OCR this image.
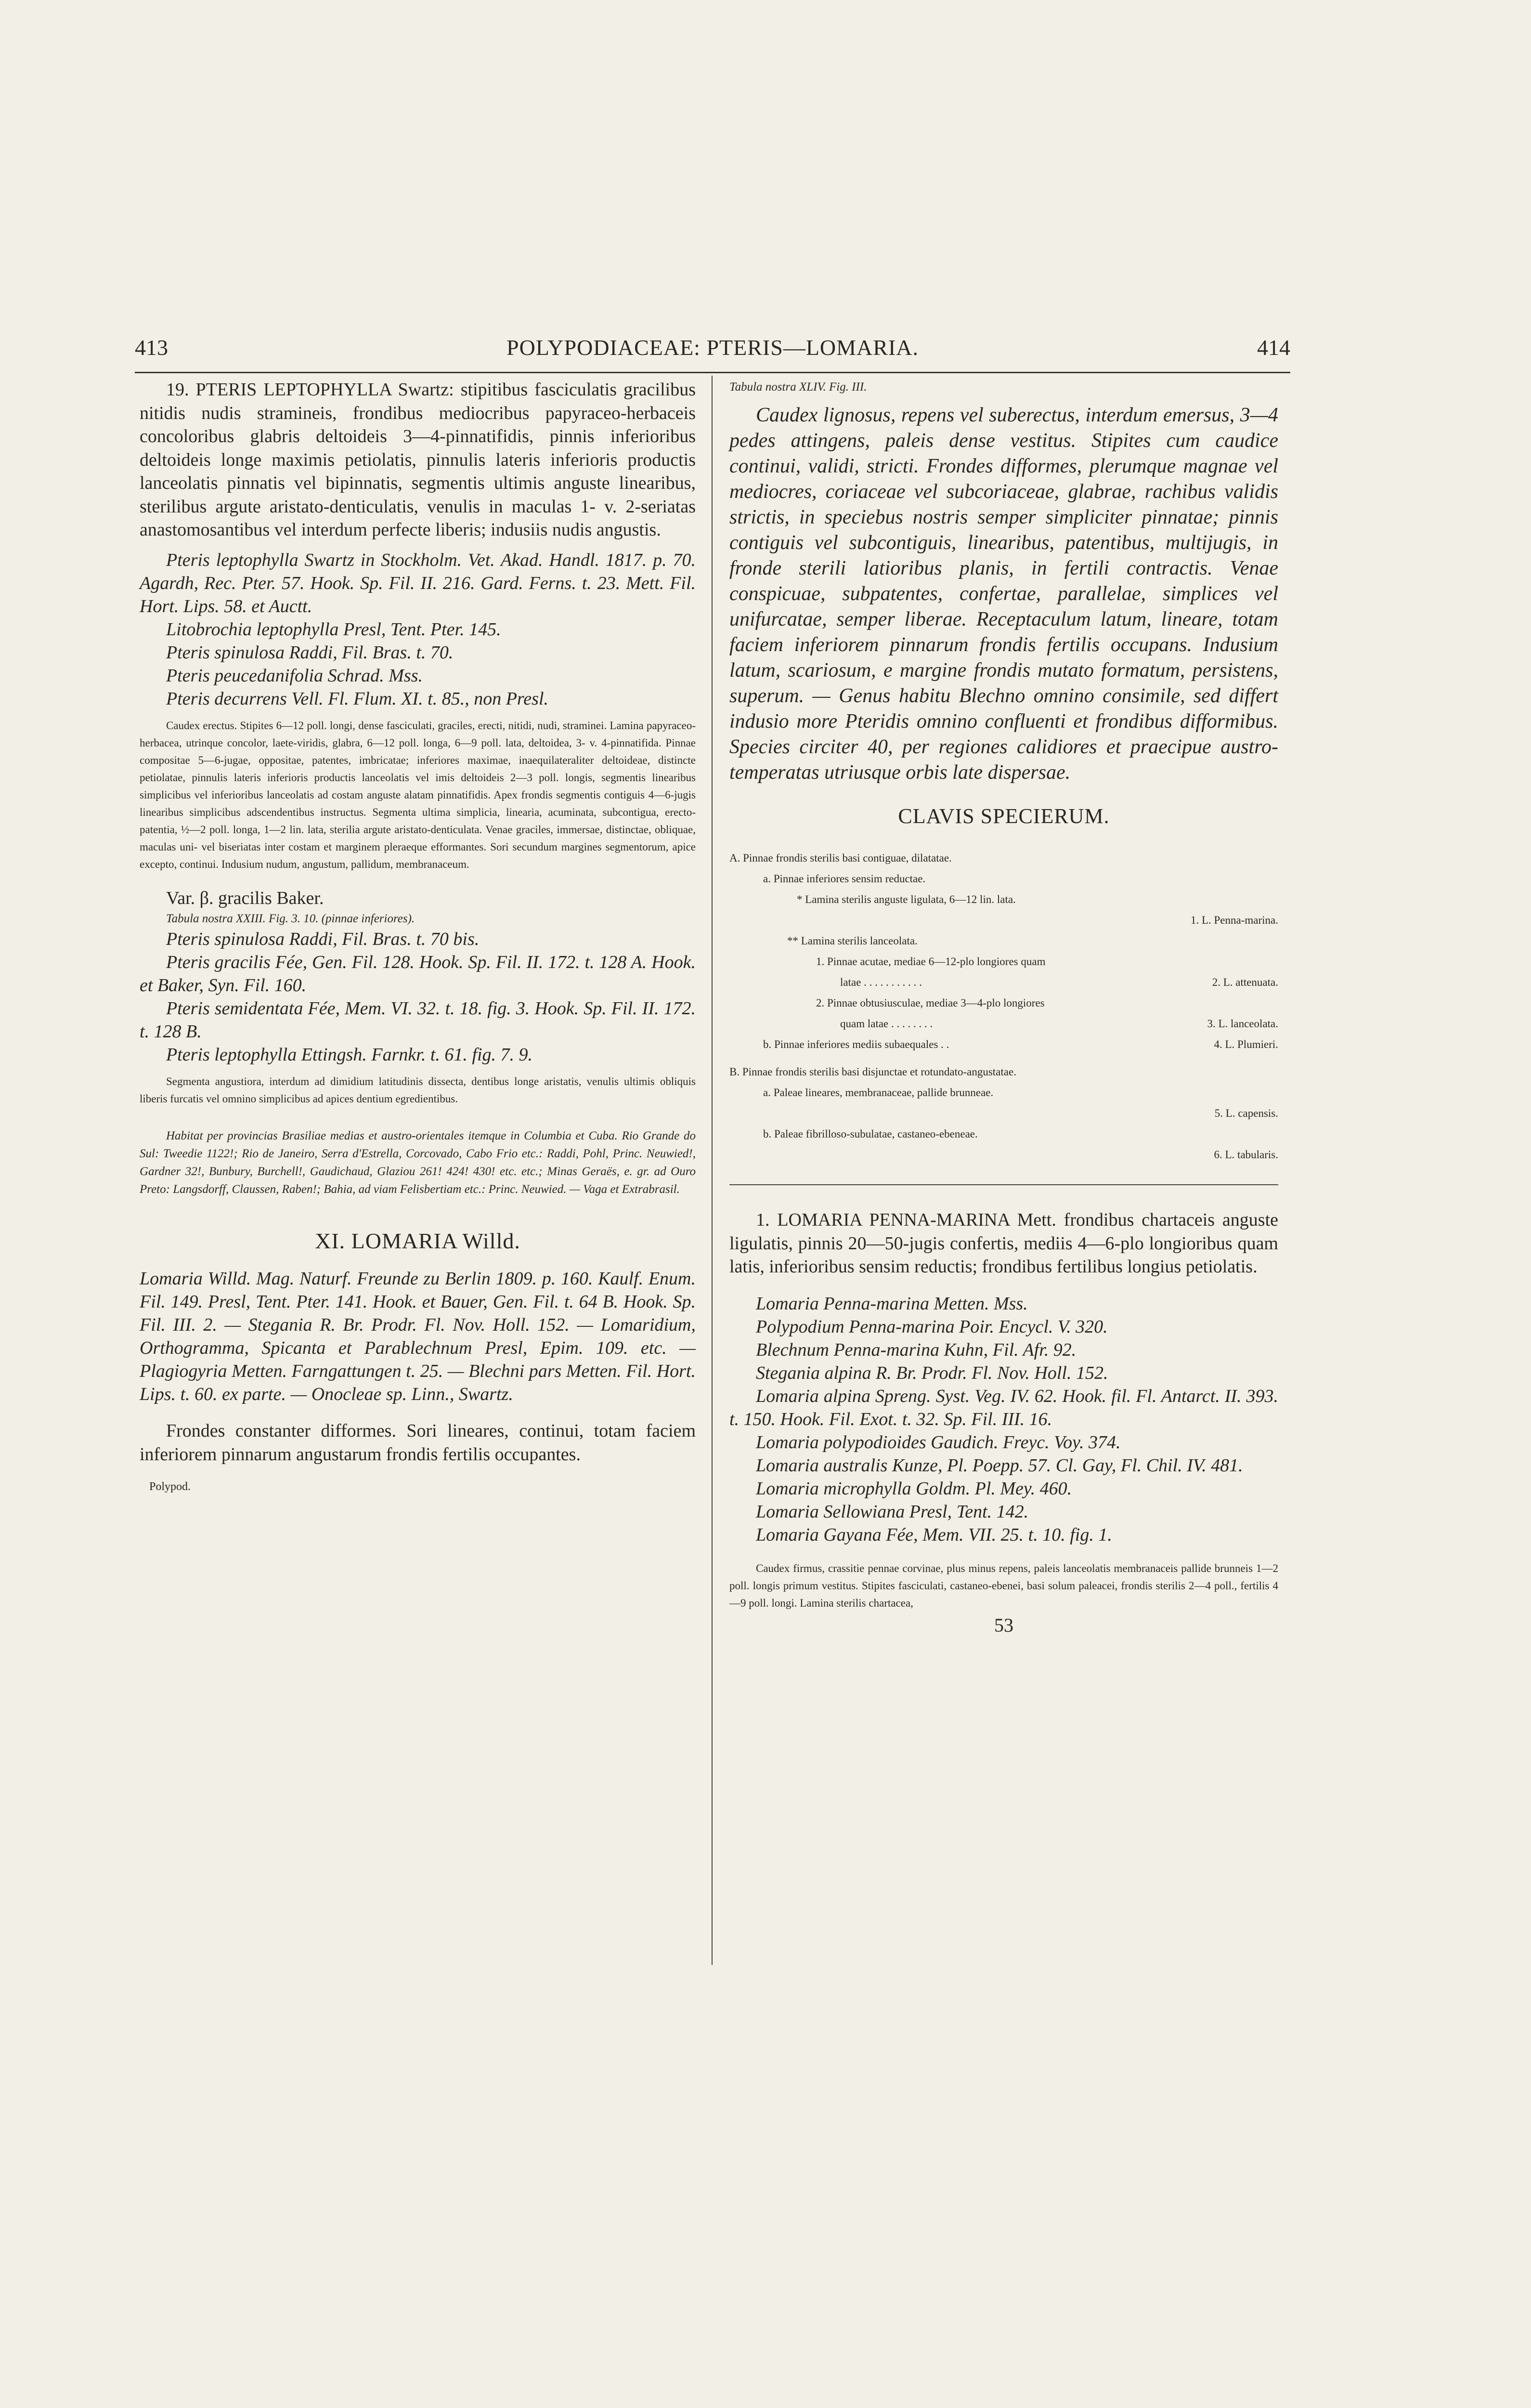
413	POLYPODIACEAE: PTERIS—LOMARIA.	414

19. PTERIS LEPTOPHYLLA Swartz: stipitibus fasciculatis gracilibus nitidis nudis stramineis, frondibus mediocribus papyraceo-herbaceis concoloribus glabris deltoideis 3—4-pinnatifidis, pinnis inferioribus deltoideis longe maximis petiolatis, pinnulis lateris inferioris productis lanceolatis pinnatis vel bipinnatis, segmentis ultimis anguste linearibus, sterilibus argute aristato-denticulatis, venulis in maculas 1- v. 2-seriatas anastomosantibus vel interdum perfecte liberis; indusiis nudis angustis.

Pteris leptophylla Swartz in Stockholm. Vet. Akad. Handl. 1817. p. 70. Agardh, Rec. Pter. 57. Hook. Sp. Fil. II. 216. Gard. Ferns. t. 23. Mett. Fil. Hort. Lips. 58. et Auctt.

Litobrochia leptophylla Presl, Tent. Pter. 145.

Pteris spinulosa Raddi, Fil. Bras. t. 70.

Pteris peucedanifolia Schrad. Mss.

Pteris decurrens Vell. Fl. Flum. XI. t. 85., non Presl.

Caudex erectus. Stipites 6—12 poll. longi, dense fasciculati, graciles, erecti, nitidi, nudi, straminei. Lamina papyraceo-herbacea, utrinque concolor, laete-viridis, glabra, 6—12 poll. longa, 6—9 poll. lata, deltoidea, 3- v. 4-pinnatifida. Pinnae compositae 5—6-jugae, oppositae, patentes, imbricatae; inferiores maximae, inaequilateraliter deltoideae, distincte petiolatae, pinnulis lateris inferioris productis lanceolatis vel imis deltoideis 2—3 poll. longis, segmentis linearibus simplicibus vel inferioribus lanceolatis ad costam anguste alatam pinnatifidis. Apex frondis segmentis contiguis 4—6-jugis linearibus simplicibus adscendentibus instructus. Segmenta ultima simplicia, linearia, acuminata, subcontigua, erecto-patentia, ½—2 poll. longa, 1—2 lin. lata, sterilia argute aristato-denticulata. Venae graciles, immersae, distinctae, obliquae, maculas uni- vel biseriatas inter costam et marginem pleraeque efformantes. Sori secundum margines segmentorum, apice excepto, continui. Indusium nudum, angustum, pallidum, membranaceum.

Var. β. gracilis Baker.

Tabula nostra XXIII. Fig. 3. 10. (pinnae inferiores).

Pteris spinulosa Raddi, Fil. Bras. t. 70 bis.

Pteris gracilis Fée, Gen. Fil. 128. Hook. Sp. Fil. II. 172. t. 128 A. Hook. et Baker, Syn. Fil. 160.

Pteris semidentata Fée, Mem. VI. 32. t. 18. fig. 3. Hook. Sp. Fil. II. 172. t. 128 B.

Pteris leptophylla Ettingsh. Farnkr. t. 61. fig. 7. 9.

Segmenta angustiora, interdum ad dimidium latitudinis dissecta, dentibus longe aristatis, venulis ultimis obliquis liberis furcatis vel omnino simplicibus ad apices dentium egredientibus.

Habitat per provincias Brasiliae medias et austro-orientales itemque in Columbia et Cuba. Rio Grande do Sul: Tweedie 1122!; Rio de Janeiro, Serra d'Estrella, Corcovado, Cabo Frio etc.: Raddi, Pohl, Princ. Neuwied!, Gardner 32!, Bunbury, Burchell!, Gaudichaud, Glaziou 261! 424! 430! etc. etc.; Minas Geraës, e. gr. ad Ouro Preto: Langsdorff, Claussen, Raben!; Bahia, ad viam Felisbertiam etc.: Princ. Neuwied. — Vaga et Extrabrasil.

XI. LOMARIA Willd.

Lomaria Willd. Mag. Naturf. Freunde zu Berlin 1809. p. 160. Kaulf. Enum. Fil. 149. Presl, Tent. Pter. 141. Hook. et Bauer, Gen. Fil. t. 64 B. Hook. Sp. Fil. III. 2. — Stegania R. Br. Prodr. Fl. Nov. Holl. 152. — Lomaridium, Orthogramma, Spicanta et Parablechnum Presl, Epim. 109. etc. — Plagiogyria Metten. Farngattungen t. 25. — Blechni pars Metten. Fil. Hort. Lips. t. 60. ex parte. — Onocleae sp. Linn., Swartz.

Frondes constanter difformes. Sori lineares, continui, totam faciem inferiorem pinnarum angustarum frondis fertilis occupantes.

Polypod.

Tabula nostra XLIV. Fig. III.

Caudex lignosus, repens vel suberectus, interdum emersus, 3—4 pedes attingens, paleis dense vestitus. Stipites cum caudice continui, validi, stricti. Frondes difformes, plerumque magnae vel mediocres, coriaceae vel subcoriaceae, glabrae, rachibus validis strictis, in speciebus nostris semper simpliciter pinnatae; pinnis contiguis vel subcontiguis, linearibus, patentibus, multijugis, in fronde sterili latioribus planis, in fertili contractis. Venae conspicuae, subpatentes, confertae, parallelae, simplices vel unifurcatae, semper liberae. Receptaculum latum, lineare, totam faciem inferiorem pinnarum frondis fertilis occupans. Indusium latum, scariosum, e margine frondis mutato formatum, persistens, superum. — Genus habitu Blechno omnino consimile, sed differt indusio more Pteridis omnino confluenti et frondibus difformibus. Species circiter 40, per regiones calidiores et praecipue austro-temperatas utriusque orbis late dispersae.

CLAVIS SPECIERUM.
A. Pinnae frondis sterilis basi contiguae, dilatatae.
a. Pinnae inferiores sensim reductae.
* Lamina sterilis anguste ligulata, 6—12 lin. lata.
1. L. Penna-marina.
** Lamina sterilis lanceolata.
1. Pinnae acutae, mediae 6—12-plo longiores quam
latae . . . . . . . . . . .	2. L. attenuata.
2. Pinnae obtusiusculae, mediae 3—4-plo longiores
quam latae . . . . . . . .	3. L. lanceolata.
b. Pinnae inferiores mediis subaequales . .	4. L. Plumieri.
B. Pinnae frondis sterilis basi disjunctae et rotundato-angustatae.
a. Paleae lineares, membranaceae, pallide brunneae.
5. L. capensis.
b. Paleae fibrilloso-subulatae, castaneo-ebeneae.
6. L. tabularis.

1. LOMARIA PENNA-MARINA Mett. frondibus chartaceis anguste ligulatis, pinnis 20—50-jugis confertis, mediis 4—6-plo longioribus quam latis, inferioribus sensim reductis; frondibus fertilibus longius petiolatis.

Lomaria Penna-marina Metten. Mss.

Polypodium Penna-marina Poir. Encycl. V. 320.

Blechnum Penna-marina Kuhn, Fil. Afr. 92.

Stegania alpina R. Br. Prodr. Fl. Nov. Holl. 152.

Lomaria alpina Spreng. Syst. Veg. IV. 62. Hook. fil. Fl. Antarct. II. 393. t. 150. Hook. Fil. Exot. t. 32. Sp. Fil. III. 16.

Lomaria polypodioides Gaudich. Freyc. Voy. 374.

Lomaria australis Kunze, Pl. Poepp. 57. Cl. Gay, Fl. Chil. IV. 481.

Lomaria microphylla Goldm. Pl. Mey. 460.

Lomaria Sellowiana Presl, Tent. 142.

Lomaria Gayana Fée, Mem. VII. 25. t. 10. fig. 1.

Caudex firmus, crassitie pennae corvinae, plus minus repens, paleis lanceolatis membranaceis pallide brunneis 1—2 poll. longis primum vestitus. Stipites fasciculati, castaneo-ebenei, basi solum paleacei, frondis sterilis 2—4 poll., fertilis 4—9 poll. longi. Lamina sterilis chartacea,

53
